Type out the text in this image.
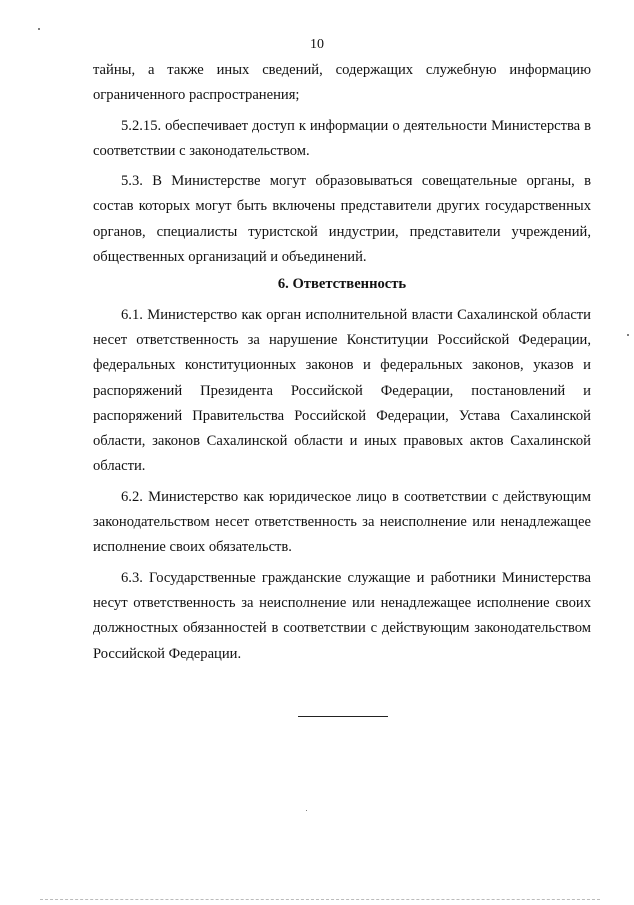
10

тайны, а также иных сведений, содержащих служебную информацию ограниченного распространения;

5.2.15. обеспечивает доступ к информации о деятельности Министерства в соответствии с законодательством.

5.3. В Министерстве могут образовываться совещательные органы, в состав которых могут быть включены представители других государственных органов, специалисты туристской индустрии, представители учреждений, общественных организаций и объединений.

6. Ответственность

6.1. Министерство как орган исполнительной власти Сахалинской области несет ответственность за нарушение Конституции Российской Федерации, федеральных конституционных законов и федеральных законов, указов и распоряжений Президента Российской Федерации, постановлений и распоряжений Правительства Российской Федерации, Устава Сахалинской области, законов Сахалинской области и иных правовых актов Сахалинской области.

6.2. Министерство как юридическое лицо в соответствии с действующим законодательством несет ответственность за неисполнение или ненадлежащее исполнение своих обязательств.

6.3. Государственные гражданские служащие и работники Министерства несут ответственность за неисполнение или ненадлежащее исполнение своих должностных обязанностей в соответствии с действующим законодательством Российской Федерации.
